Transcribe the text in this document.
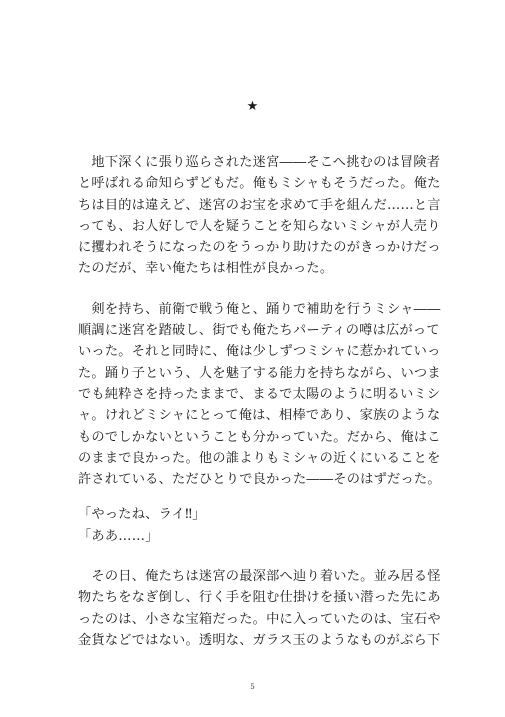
★
　地下深くに張り巡らされた迷宮――そこへ挑むのは冒険者
と呼ばれる命知らずどもだ。俺もミシャもそうだった。俺た
ちは目的は違えど、迷宮のお宝を求めて手を組んだ……と言
っても、お人好しで人を疑うことを知らないミシャが人売り
に攫われそうになったのをうっかり助けたのがきっかけだっ
たのだが、幸い俺たちは相性が良かった。
　剣を持ち、前衛で戦う俺と、踊りで補助を行うミシャ――
順調に迷宮を踏破し、街でも俺たちパーティの噂は広がって
いった。それと同時に、俺は少しずつミシャに惹かれていっ
た。踊り子という、人を魅了する能力を持ちながら、いつま
でも純粋さを持ったままで、まるで太陽のように明るいミシ
ャ。けれどミシャにとって俺は、相棒であり、家族のような
ものでしかないということも分かっていた。だから、俺はこ
のままで良かった。他の誰よりもミシャの近くにいることを
許されている、ただひとりで良かった――そのはずだった。
「やったね、ライ‼」
「ああ……」
　その日、俺たちは迷宮の最深部へ辿り着いた。並み居る怪
物たちをなぎ倒し、行く手を阻む仕掛けを掻い潜った先にあ
ったのは、小さな宝箱だった。中に入っていたのは、宝石や
金貨などではない。透明な、ガラス玉のようなものがぶら下
5
